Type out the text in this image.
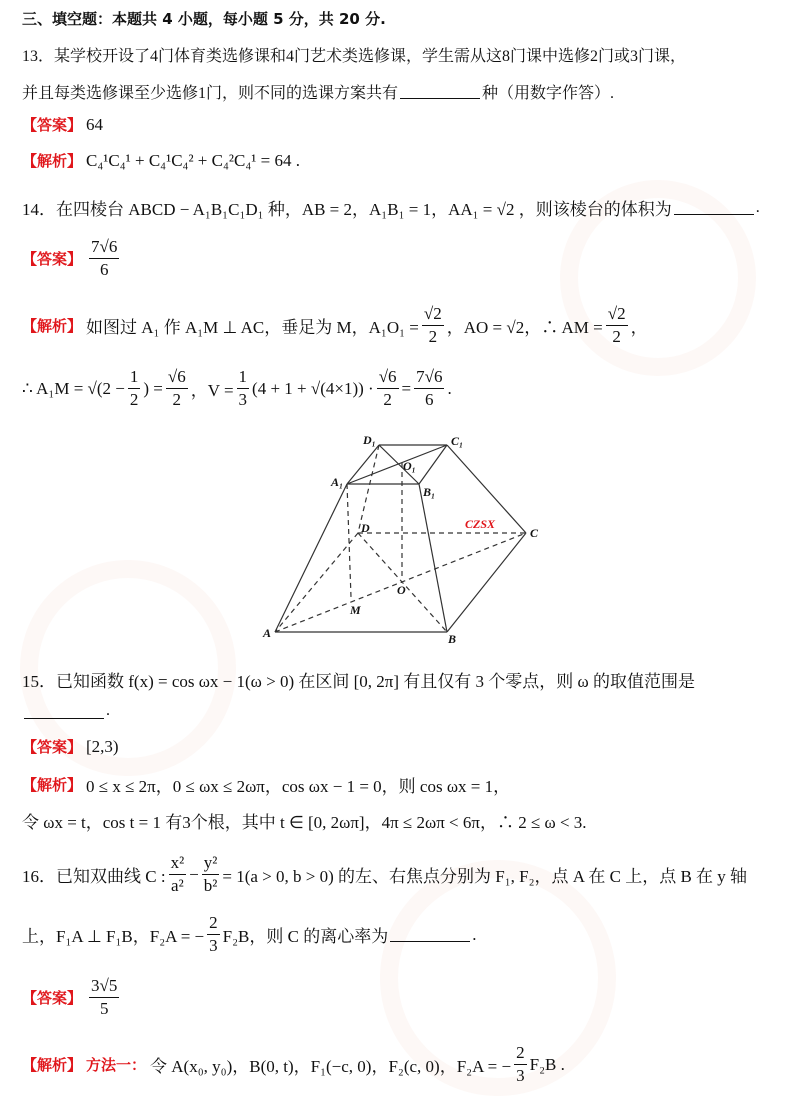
三、填空题：本题共 4 小题，每小题 5 分，共 20 分.
13．某学校开设了4门体育类选修课和4门艺术类选修课，学生需从这8门课中选修2门或3门课，
并且每类选修课至少选修1门，则不同的选课方案共有	种（用数字作答）.
【答案】 64
【解析】 C₄¹C₄¹ + C₄¹C₄² + C₄²C₄¹ = 64 .
14．在四棱台 ABCD − A₁B₁C₁D₁ 种，AB = 2，A₁B₁ = 1，AA₁ = √2 ，则该棱台的体积为	.
【答案】 $\frac{7√6}{6}$
【解析】 如图过 A₁ 作 A₁M ⊥ AC，垂足为 M，$A_1O_1 = \frac{√2}{2}$ ，AO = √2，∴ AM = $\frac{√2}{2}$ ，
∴ $A_1M = √(2 - \frac{1}{2}$ ) = $\frac{√6}{2}$ ，$V = \frac{1}{3} (4 + 1 + √(4\times 1)) \cdot \frac{√6}{2} = \frac{7√6}{6}$ .
D₁	C₁
O₁
A₁
B₁
D	C
O
M
A	B
CZSX
15．已知函数 f(x) = cos ωx − 1(ω > 0) 在区间 [0, 2π] 有且仅有 3 个零点，则 ω 的取值范围是
.
【答案】 [2,3)
【解析】 0 ≤ x ≤ 2π，0 ≤ ωx ≤ 2ωπ，cos ωx − 1 = 0，则 cos ωx = 1，
令 ωx = t，cos t = 1 有3个根，其中 t ∈ [0, 2ωπ]，4π ≤ 2ωπ < 6π，∴ 2 ≤ ω < 3.
16．已知双曲线 C : $\frac{\text{x²}}{\text{a²}} - \frac{\text{y²}}{\text{b²}} = 1(a > 0$, b > 0) 的左、右焦点分别为 F₁, F₂，点 A 在 C 上，点 B 在 y 轴
上，F₁A ⊥ F₁B，F₂A = − $\frac{2}{3} F_2B$，则 C 的离心率为	.
【答案】 $\frac{3√5}{5}$
【解析】 方法一： 令 A(x₀, y₀)，B(0, t)，F₁(−c, 0)，F₂(c, 0)，F₂A = − $\frac{2}{3} F_2B$ .
